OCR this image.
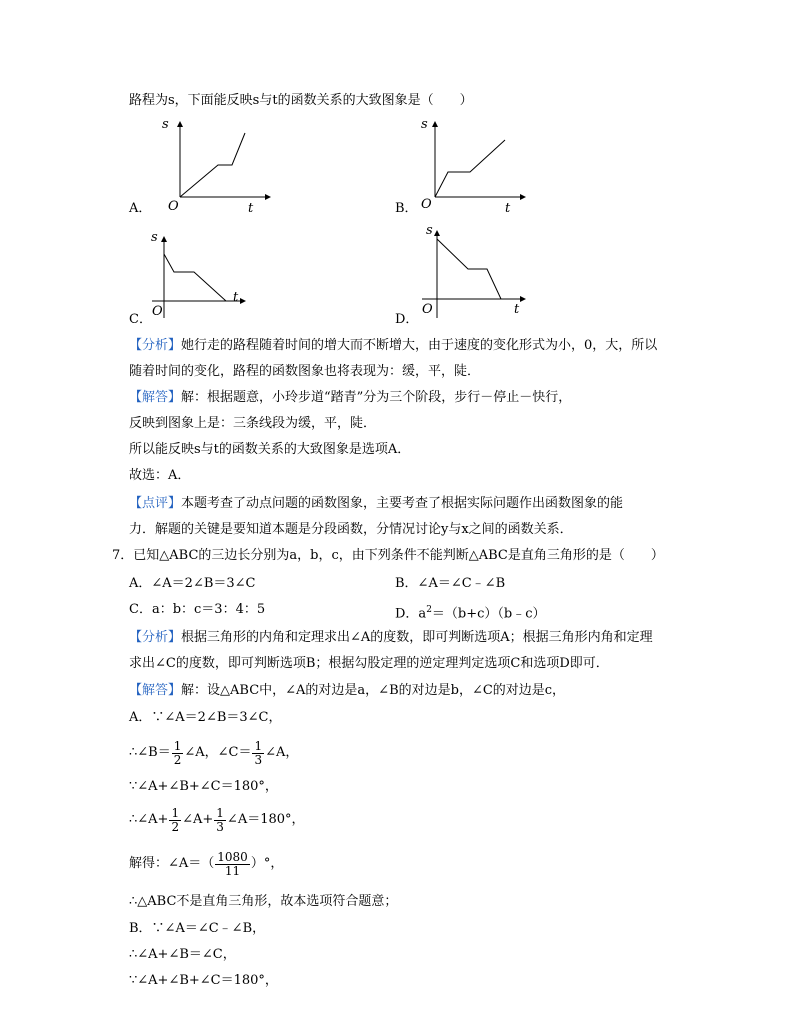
路程为s，下面能反映s与t的函数关系的大致图象是（　　）
s
O	t
A．
s
O	t
B．
s
O
t
C．
s
O	t
D．
【分析】她行走的路程随着时间的增大而不断增大，由于速度的变化形式为小，0，大，所以
随着时间的变化，路程的函数图象也将表现为：缓，平，陡．
【解答】解：根据题意，小玲步道“踏青”分为三个阶段，步行－停止－快行，
反映到图象上是：三条线段为缓，平，陡．
所以能反映s与t的函数关系的大致图象是选项A．
故选：A．
【点评】本题考查了动点问题的函数图象，主要考查了根据实际问题作出函数图象的能
力．解题的关键是要知道本题是分段函数，分情况讨论y与x之间的函数关系．
7．已知△ABC的三边长分别为a，b，c，由下列条件不能判断△ABC是直角三角形的是（　　）
A．∠A＝2∠B＝3∠C	B．∠A＝∠C﹣∠B
C．a：b：c＝3：4：5	D．$a^2=(b+c)(b﹣c)$
【分析】根据三角形的内角和定理求出∠A的度数，即可判断选项A；根据三角形内角和定理
求出∠C的度数，即可判断选项B；根据勾股定理的逆定理判定选项C和选项D即可．
【解答】解：设△ABC中，∠A的对边是a，∠B的对边是b，∠C的对边是c，
A．∵∠A＝2∠B＝3∠C，
∴∠B＝ $\frac{1}{2}$ ∠A，∠C＝ $\frac{1}{3}$ ∠A，
∵∠A+∠B+∠C＝180°，
∴∠A+ $\frac{1}{2}$ ∠A+ $\frac{1}{3}$ ∠A＝180°，
解得：∠A＝（ $\frac{1080}{11}$ ）°，
∴△ABC不是直角三角形，故本选项符合题意；
B．∵∠A＝∠C﹣∠B，
∴∠A+∠B＝∠C，
∵∠A+∠B+∠C＝180°，
